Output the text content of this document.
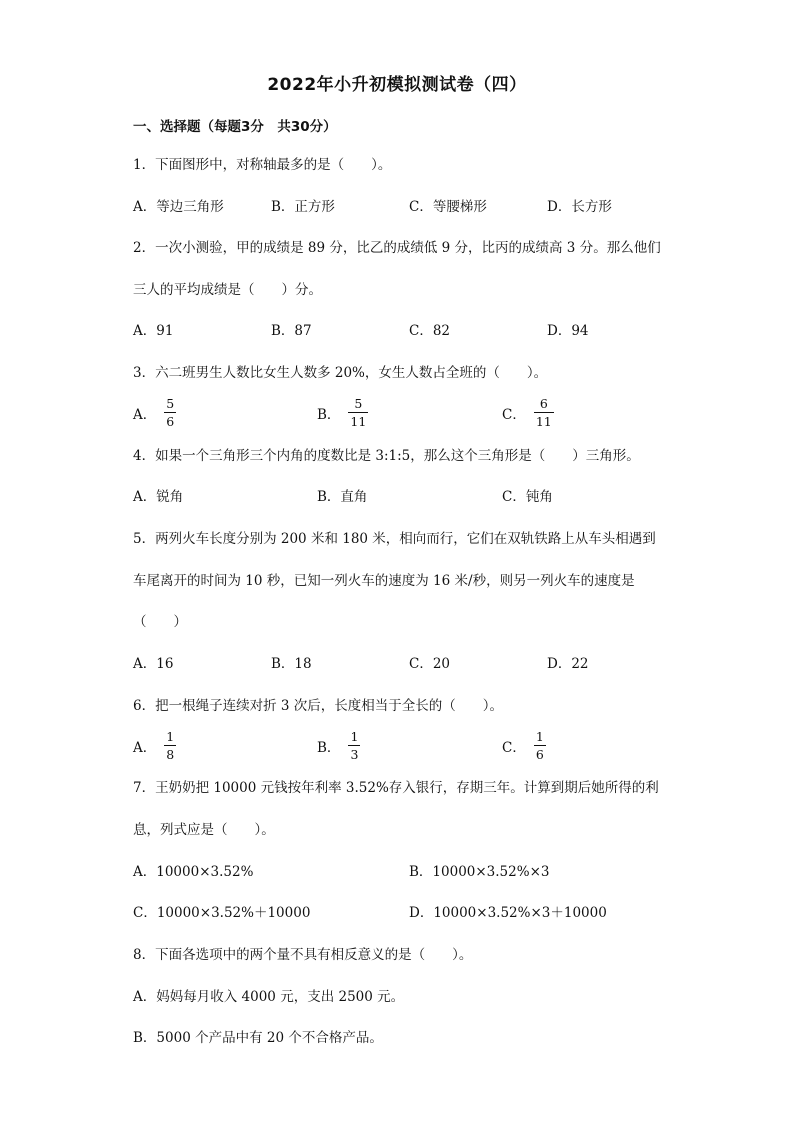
2022年小升初模拟测试卷（四）
一、选择题（每题3分　共30分）
1．下面图形中，对称轴最多的是（　　）。
A．等边三角形	B．正方形	C．等腰梯形	D．长方形
2．一次小测验，甲的成绩是 89 分，比乙的成绩低 9 分，比丙的成绩高 3 分。那么他们
三人的平均成绩是（　　）分。
A．91	B．87	C．82	D．94
3．六二班男生人数比女生人数多 20%，女生人数占全班的（　　）。
A． $\frac{5}{6}$	B． $\frac{5}{11}$	C． $\frac{6}{11}$
4．如果一个三角形三个内角的度数比是 3:1:5，那么这个三角形是（　　）三角形。
A．锐角	B．直角	C．钝角
5．两列火车长度分别为 200 米和 180 米，相向而行，它们在双轨铁路上从车头相遇到
车尾离开的时间为 10 秒，已知一列火车的速度为 16 米/秒，则另一列火车的速度是
（　　）
A．16	B．18	C．20	D．22
6．把一根绳子连续对折 3 次后，长度相当于全长的（　　）。
A． $\frac{1}{8}$	B． $\frac{1}{3}$	C． $\frac{1}{6}$
7．王奶奶把 10000 元钱按年利率 3.52%存入银行，存期三年。计算到期后她所得的利
息，列式应是（　　）。
A．10000×3.52%	B．10000×3.52%×3
C．10000×3.52%＋10000	D．10000×3.52%×3＋10000
8．下面各选项中的两个量不具有相反意义的是（　　）。
A．妈妈每月收入 4000 元，支出 2500 元。
B．5000 个产品中有 20 个不合格产品。
